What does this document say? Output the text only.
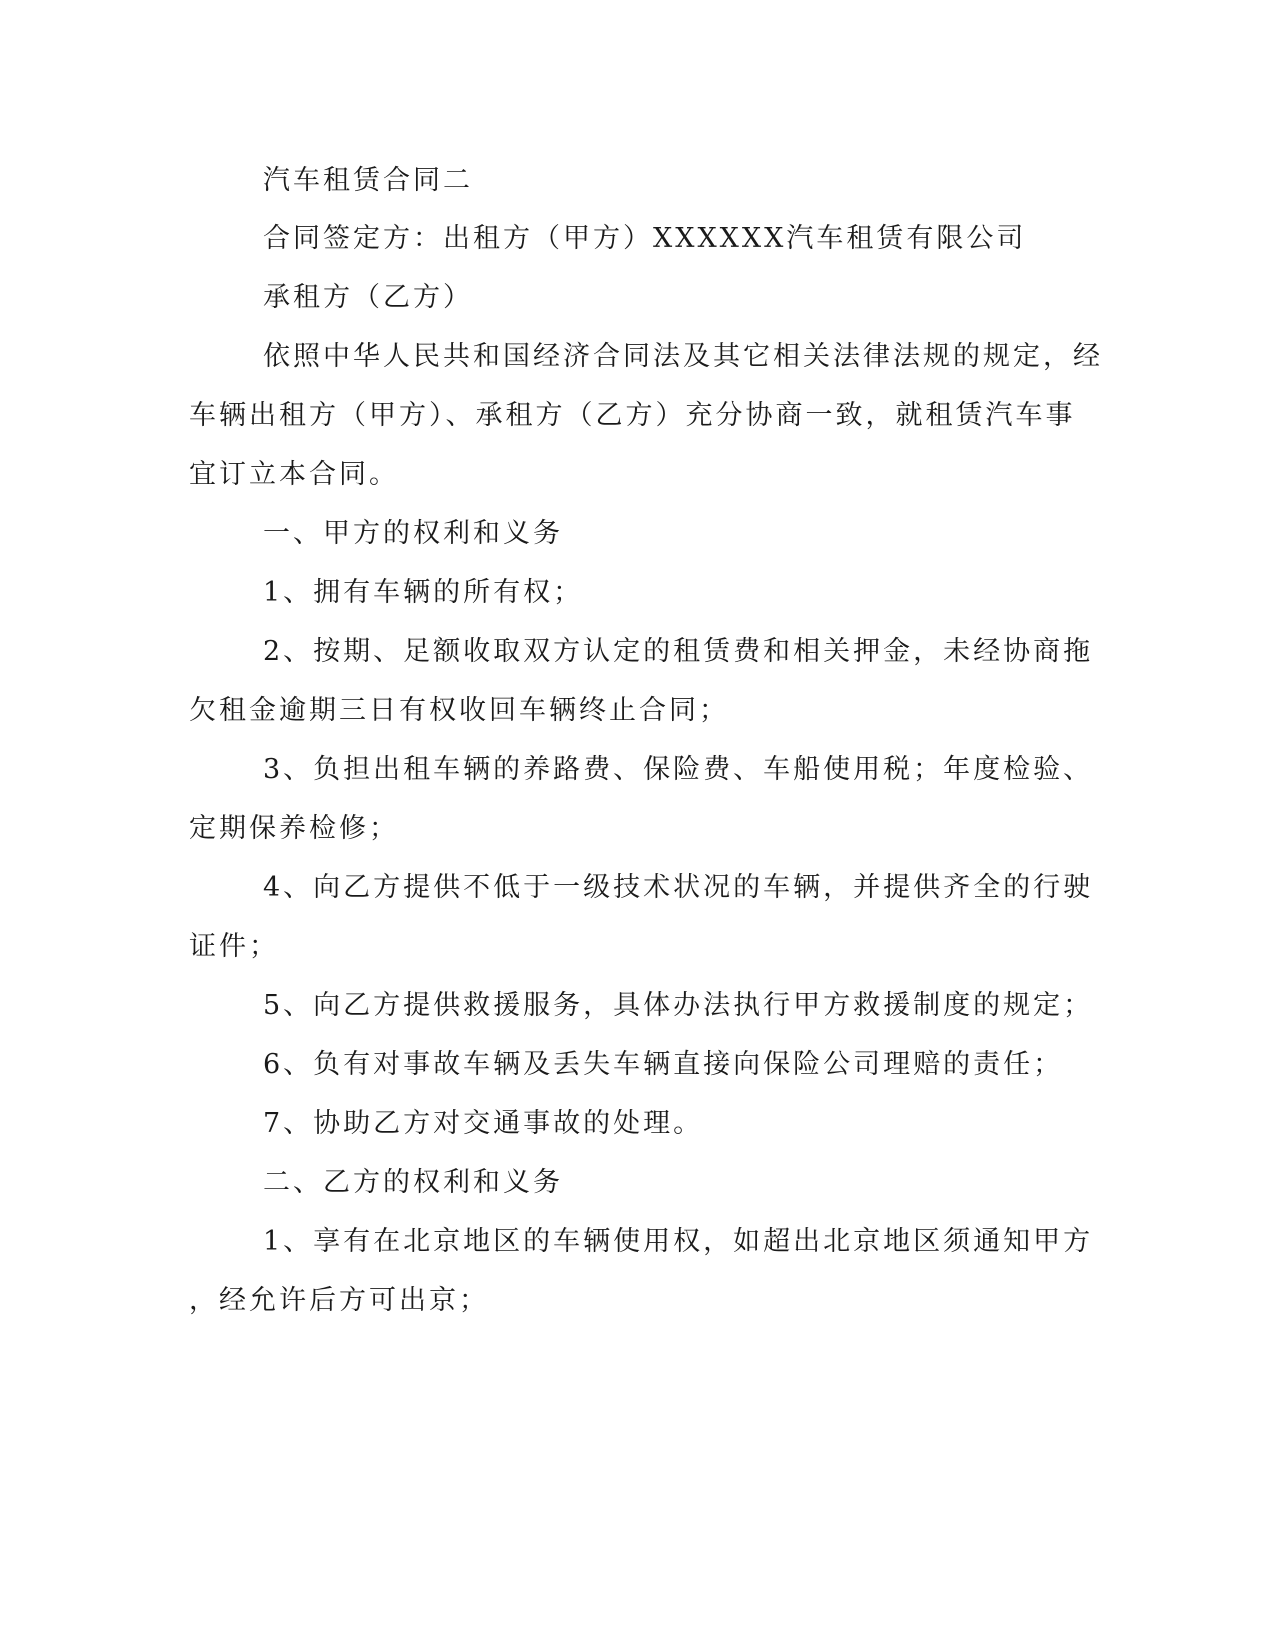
汽车租赁合同二

合同签定方：出租方（甲方）XXXXXX汽车租赁有限公司

承租方（乙方）

依照中华人民共和国经济合同法及其它相关法律法规的规定，经

车辆出租方（甲方）、承租方（乙方）充分协商一致，就租赁汽车事

宜订立本合同。

一、甲方的权利和义务

1、拥有车辆的所有权；

2、按期、足额收取双方认定的租赁费和相关押金，未经协商拖

欠租金逾期三日有权收回车辆终止合同；

3、负担出租车辆的养路费、保险费、车船使用税；年度检验、

定期保养检修；

4、向乙方提供不低于一级技术状况的车辆，并提供齐全的行驶

证件；

5、向乙方提供救援服务，具体办法执行甲方救援制度的规定；

6、负有对事故车辆及丢失车辆直接向保险公司理赔的责任；

7、协助乙方对交通事故的处理。

二、乙方的权利和义务

1、享有在北京地区的车辆使用权，如超出北京地区须通知甲方

，经允许后方可出京；
